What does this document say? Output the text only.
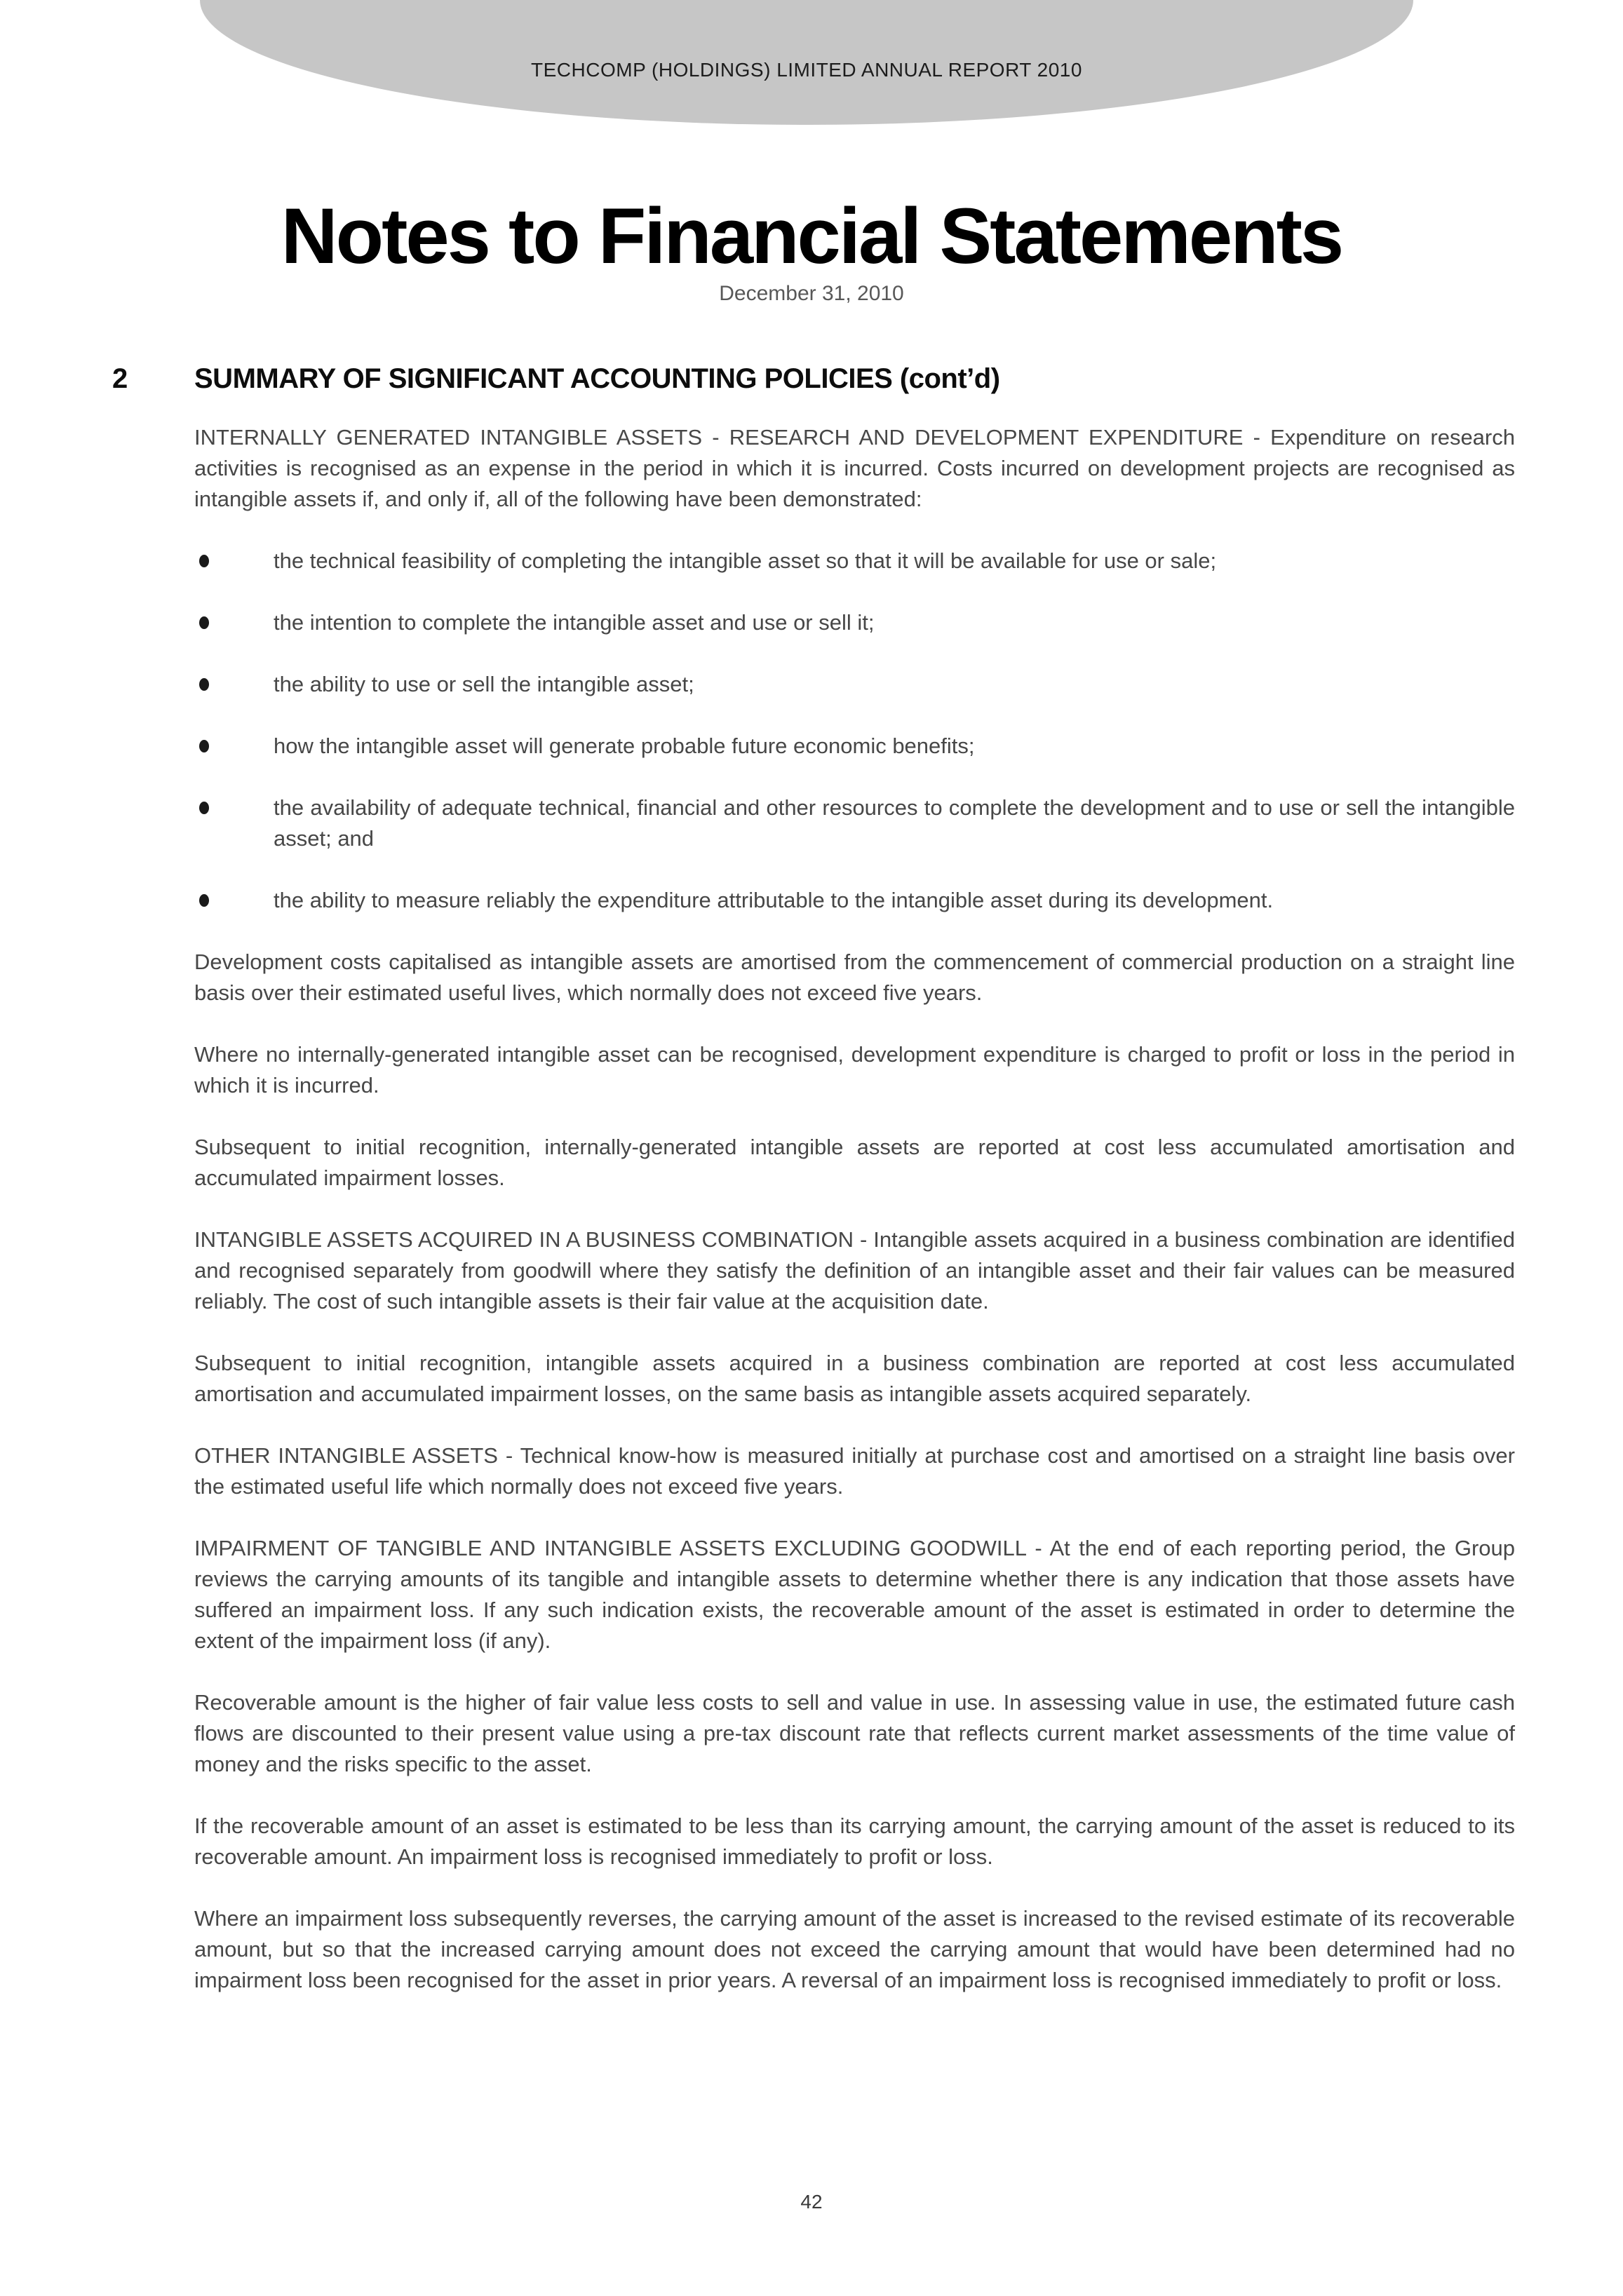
TECHCOMP (HOLDINGS) LIMITED ANNUAL REPORT 2010
Notes to Financial Statements
December 31, 2010
2	SUMMARY OF SIGNIFICANT ACCOUNTING POLICIES (cont’d)

INTERNALLY GENERATED INTANGIBLE ASSETS - RESEARCH AND DEVELOPMENT EXPENDITURE - Expenditure on research activities is recognised as an expense in the period in which it is incurred. Costs incurred on development projects are recognised as intangible assets if, and only if, all of the following have been demonstrated:

the technical feasibility of completing the intangible asset so that it will be available for use or sale;
the intention to complete the intangible asset and use or sell it;
the ability to use or sell the intangible asset;
how the intangible asset will generate probable future economic benefits;
the availability of adequate technical, financial and other resources to complete the development and to use or sell the intangible asset; and
the ability to measure reliably the expenditure attributable to the intangible asset during its development.

Development costs capitalised as intangible assets are amortised from the commencement of commercial production on a straight line basis over their estimated useful lives, which normally does not exceed five years.

Where no internally-generated intangible asset can be recognised, development expenditure is charged to profit or loss in the period in which it is incurred.

Subsequent to initial recognition, internally-generated intangible assets are reported at cost less accumulated amortisation and accumulated impairment losses.

INTANGIBLE ASSETS ACQUIRED IN A BUSINESS COMBINATION - Intangible assets acquired in a business combination are identified and recognised separately from goodwill where they satisfy the definition of an intangible asset and their fair values can be measured reliably. The cost of such intangible assets is their fair value at the acquisition date.

Subsequent to initial recognition, intangible assets acquired in a business combination are reported at cost less accumulated amortisation and accumulated impairment losses, on the same basis as intangible assets acquired separately.

OTHER INTANGIBLE ASSETS - Technical know-how is measured initially at purchase cost and amortised on a straight line basis over the estimated useful life which normally does not exceed five years.

IMPAIRMENT OF TANGIBLE AND INTANGIBLE ASSETS EXCLUDING GOODWILL - At the end of each reporting period, the Group reviews the carrying amounts of its tangible and intangible assets to determine whether there is any indication that those assets have suffered an impairment loss. If any such indication exists, the recoverable amount of the asset is estimated in order to determine the extent of the impairment loss (if any).

Recoverable amount is the higher of fair value less costs to sell and value in use. In assessing value in use, the estimated future cash flows are discounted to their present value using a pre-tax discount rate that reflects current market assessments of the time value of money and the risks specific to the asset.

If the recoverable amount of an asset is estimated to be less than its carrying amount, the carrying amount of the asset is reduced to its recoverable amount. An impairment loss is recognised immediately to profit or loss.

Where an impairment loss subsequently reverses, the carrying amount of the asset is increased to the revised estimate of its recoverable amount, but so that the increased carrying amount does not exceed the carrying amount that would have been determined had no impairment loss been recognised for the asset in prior years. A reversal of an impairment loss is recognised immediately to profit or loss.

42
